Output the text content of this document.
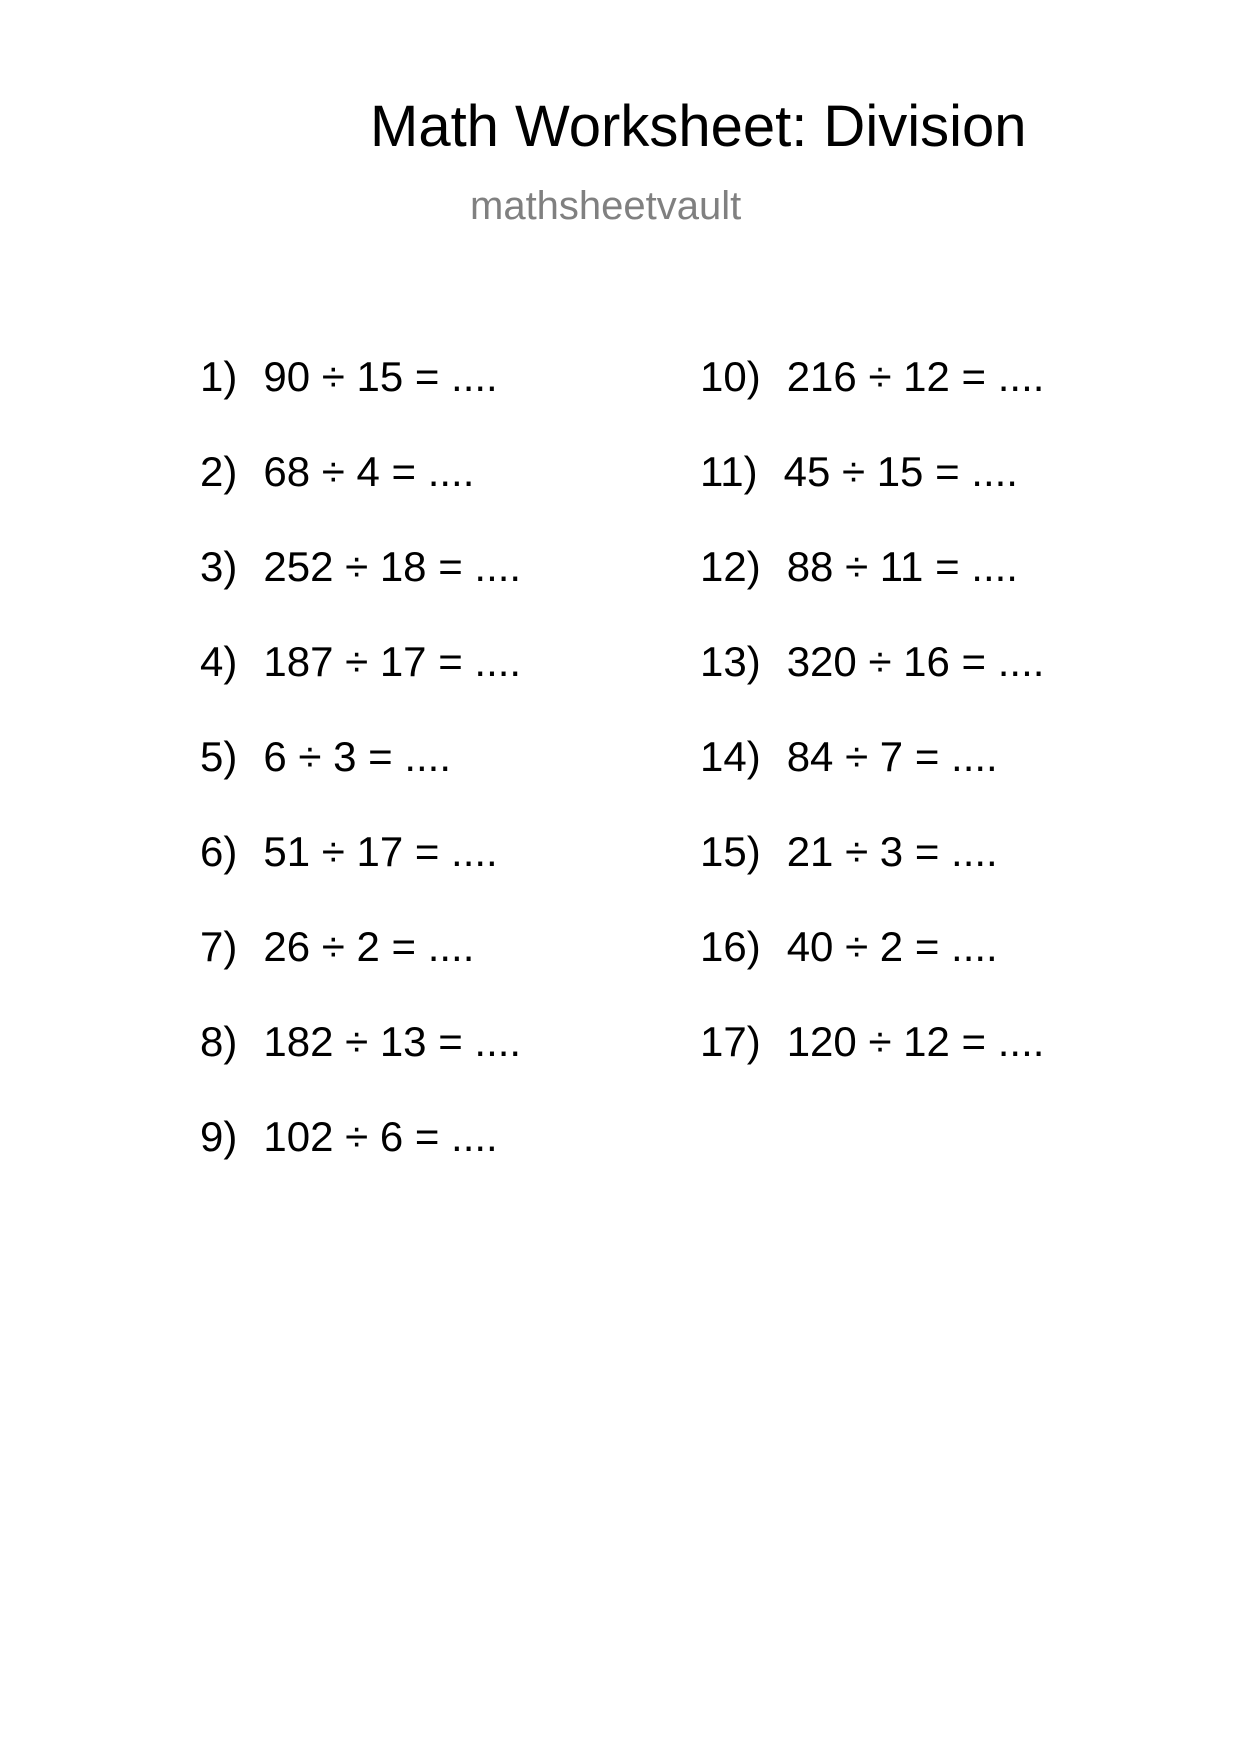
Math Worksheet: Division
mathsheetvault
1) 90 ÷ 15 = ....
2) 68 ÷ 4 = ....
3) 252 ÷ 18 = ....
4) 187 ÷ 17 = ....
5) 6 ÷ 3 = ....
6) 51 ÷ 17 = ....
7) 26 ÷ 2 = ....
8) 182 ÷ 13 = ....
9) 102 ÷ 6 = ....
10) 216 ÷ 12 = ....
11) 45 ÷ 15 = ....
12) 88 ÷ 11 = ....
13) 320 ÷ 16 = ....
14) 84 ÷ 7 = ....
15) 21 ÷ 3 = ....
16) 40 ÷ 2 = ....
17) 120 ÷ 12 = ....
